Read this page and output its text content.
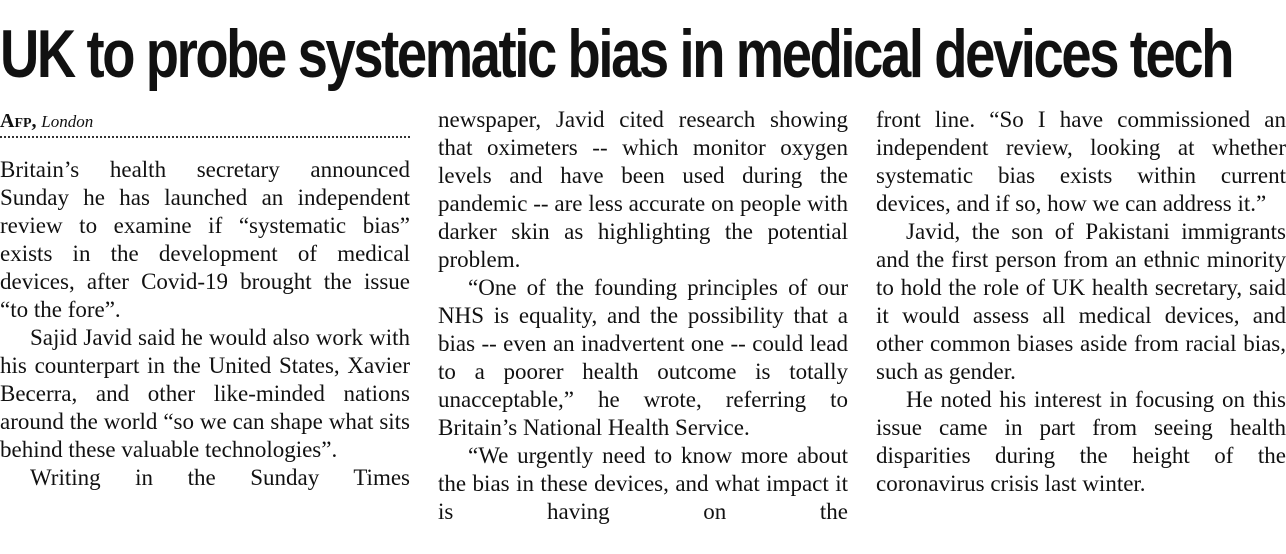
UK to probe systematic bias in medical devices tech
Afp, London

Britain’s health secretary announced Sunday he has launched an independent review to examine if “systematic bias” exists in the development of medical devices, after Covid-19 brought the issue “to the fore”.

Sajid Javid said he would also work with his counterpart in the United States, Xavier Becerra, and other like-minded nations around the world “so we can shape what sits behind these valuable technologies”.

Writing in the Sunday Times

newspaper, Javid cited research showing that oximeters -- which monitor oxygen levels and have been used during the pandemic -- are less accurate on people with darker skin as highlighting the potential problem.

“One of the founding principles of our NHS is equality, and the possibility that a bias -- even an inadvertent one -- could lead to a poorer health outcome is totally unacceptable,” he wrote, referring to Britain’s National Health Service.

“We urgently need to know more about the bias in these devices, and what impact it is having on the

front line. “So I have commissioned an independent review, looking at whether systematic bias exists within current devices, and if so, how we can address it.”

Javid, the son of Pakistani immigrants and the first person from an ethnic minority to hold the role of UK health secretary, said it would assess all medical devices, and other common biases aside from racial bias, such as gender.

He noted his interest in focusing on this issue came in part from seeing health disparities during the height of the coronavirus crisis last winter.
